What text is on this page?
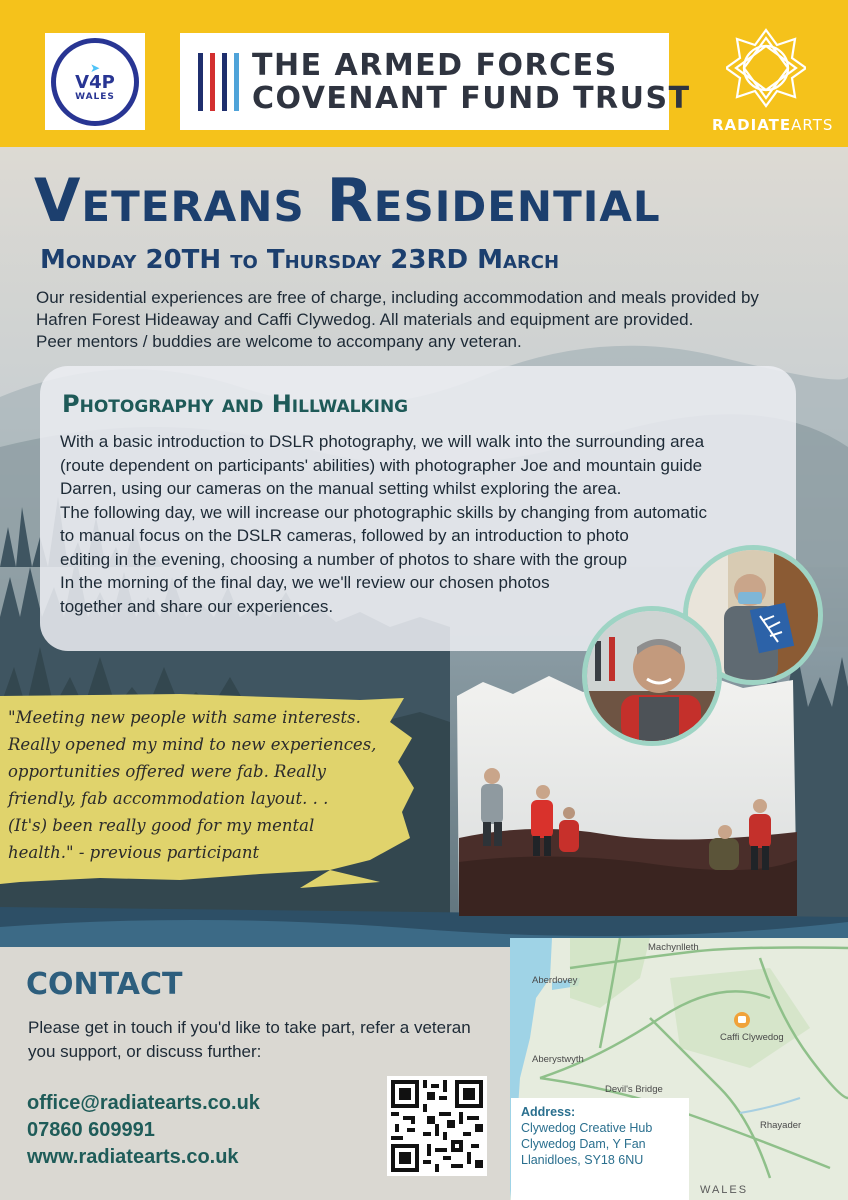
➤
V4P
WALES
THE ARMED FORCES
COVENANT FUND TRUST
RADIATEARTS
Veterans Residential
Monday 20TH to Thursday 23RD March

Our residential experiences are free of charge, including accommodation and meals provided by

Hafren Forest Hideaway and Caffi Clywedog. All materials and equipment are provided.

Peer mentors / buddies are welcome to accompany any veteran.

Photography and Hillwalking

With a basic introduction to DSLR photography, we will walk into the surrounding area

(route dependent on participants' abilities) with photographer Joe and mountain guide

Darren, using our cameras on the manual setting whilst exploring the area.

The following day, we will increase our photographic skills by changing from automatic

to manual focus on the DSLR cameras, followed by an introduction to photo

editing in the evening, choosing a number of photos to share with the group

In the morning of the final day, we we'll review our chosen photos

together and share our experiences.

"Meeting new people with same interests.

Really opened my mind to new experiences,

opportunities offered were fab. Really

friendly, fab accommodation layout. . .

(It's) been really good for my mental

health." - previous participant

CONTACT

Please get in touch if you'd like to take part, refer a veteran

you support, or discuss further:

office@radiatearts.co.uk
07860 609991
www.radiatearts.co.uk
Machynlleth
Aberdovey
Caffi Clywedog
Aberystwyth
Devil's Bridge
Rhayader
WALES
Address:
Clywedog Creative Hub
Clywedog Dam, Y Fan
Llanidloes, SY18 6NU
